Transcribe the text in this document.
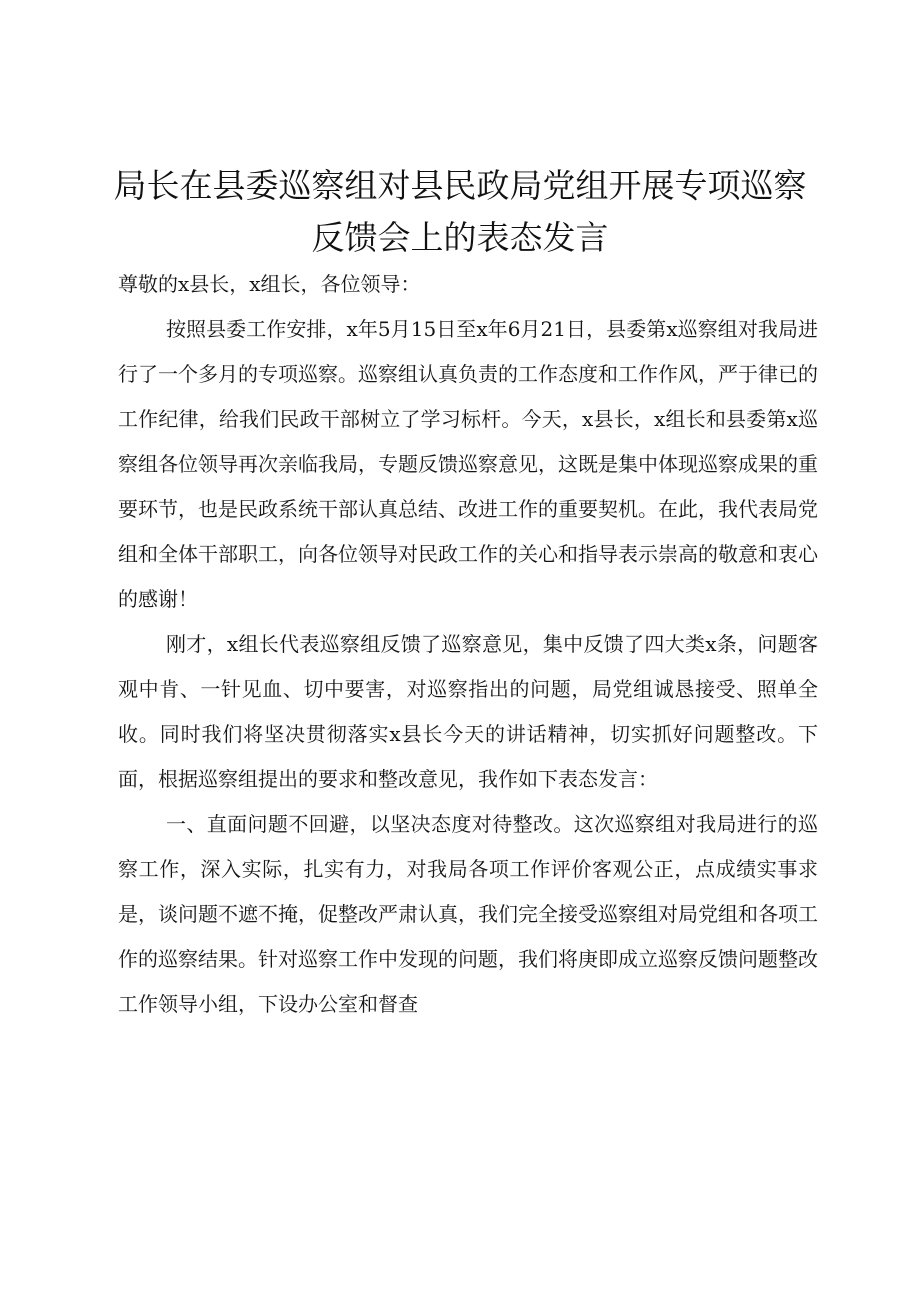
局长在县委巡察组对县民政局党组开展专项巡察反馈会上的表态发言

尊敬的x县长，x组长，各位领导：

按照县委工作安排，x年5月15日至x年6月21日，县委第x巡察组对我局进行了一个多月的专项巡察。巡察组认真负责的工作态度和工作作风，严于律已的工作纪律，给我们民政干部树立了学习标杆。今天，x县长，x组长和县委第x巡察组各位领导再次亲临我局，专题反馈巡察意见，这既是集中体现巡察成果的重要环节，也是民政系统干部认真总结、改进工作的重要契机。在此，我代表局党组和全体干部职工，向各位领导对民政工作的关心和指导表示崇高的敬意和衷心的感谢！

刚才，x组长代表巡察组反馈了巡察意见，集中反馈了四大类x条，问题客观中肯、一针见血、切中要害，对巡察指出的问题，局党组诚恳接受、照单全收。同时我们将坚决贯彻落实x县长今天的讲话精神，切实抓好问题整改。下面，根据巡察组提出的要求和整改意见，我作如下表态发言：

一、直面问题不回避，以坚决态度对待整改。这次巡察组对我局进行的巡察工作，深入实际，扎实有力，对我局各项工作评价客观公正，点成绩实事求是，谈问题不遮不掩，促整改严肃认真，我们完全接受巡察组对局党组和各项工作的巡察结果。针对巡察工作中发现的问题，我们将庚即成立巡察反馈问题整改工作领导小组，下设办公室和督查
